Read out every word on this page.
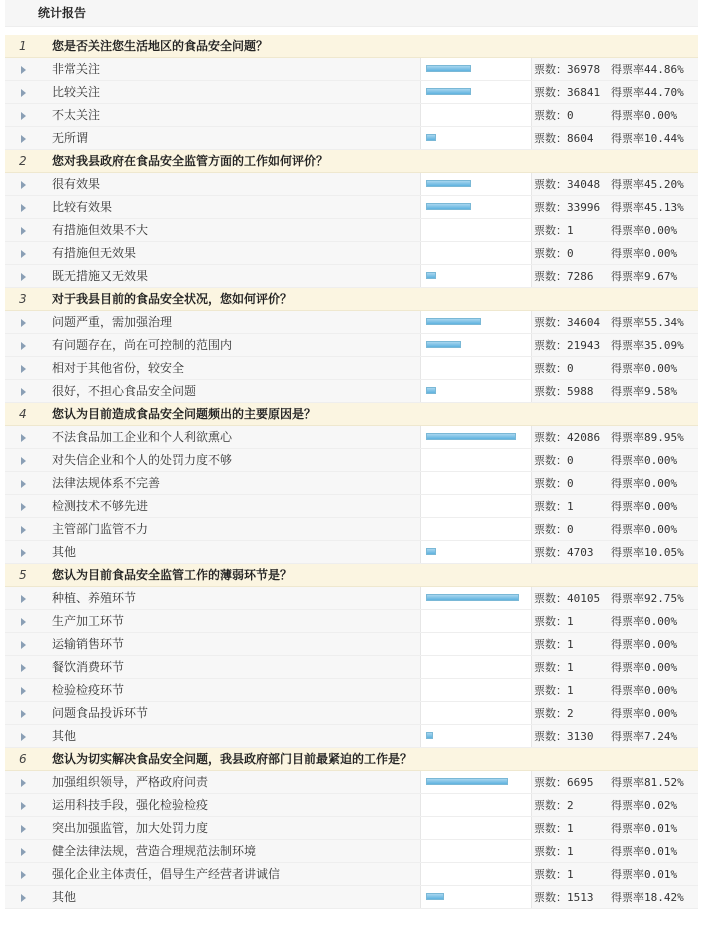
统计报告
1 您是否关注您生活地区的食品安全问题？
非常关注	票数：36978 得票率44.86%
比较关注	票数：36841 得票率44.70%
不太关注	票数：0	得票率0.00%
无所谓	票数：8604 得票率10.44%
2 您对我县政府在食品安全监管方面的工作如何评价？
很有效果	票数：34048 得票率45.20%
比较有效果	票数：33996 得票率45.13%
有措施但效果不大	票数：1	得票率0.00%
有措施但无效果	票数：0	得票率0.00%
既无措施又无效果	票数：7286 得票率9.67%
3 对于我县目前的食品安全状况，您如何评价？
问题严重，需加强治理	票数：34604 得票率55.34%
有问题存在，尚在可控制的范围内	票数：21943 得票率35.09%
相对于其他省份，较安全	票数：0	得票率0.00%
很好，不担心食品安全问题	票数：5988 得票率9.58%
4 您认为目前造成食品安全问题频出的主要原因是？
不法食品加工企业和个人利欲熏心	票数：42086 得票率89.95%
对失信企业和个人的处罚力度不够	票数：0	得票率0.00%
法律法规体系不完善	票数：0	得票率0.00%
检测技术不够先进	票数：1	得票率0.00%
主管部门监管不力	票数：0	得票率0.00%
其他	票数：4703 得票率10.05%
5 您认为目前食品安全监管工作的薄弱环节是？
种植、养殖环节	票数：40105 得票率92.75%
生产加工环节	票数：1	得票率0.00%
运输销售环节	票数：1	得票率0.00%
餐饮消费环节	票数：1	得票率0.00%
检验检疫环节	票数：1	得票率0.00%
问题食品投诉环节	票数：2	得票率0.00%
其他	票数：3130 得票率7.24%
6 您认为切实解决食品安全问题，我县政府部门目前最紧迫的工作是？
加强组织领导，严格政府问责	票数：6695 得票率81.52%
运用科技手段，强化检验检疫	票数：2	得票率0.02%
突出加强监管，加大处罚力度	票数：1	得票率0.01%
健全法律法规，营造合理规范法制环境	票数：1	得票率0.01%
强化企业主体责任，倡导生产经营者讲诚信	票数：1	得票率0.01%
其他	票数：1513 得票率18.42%
